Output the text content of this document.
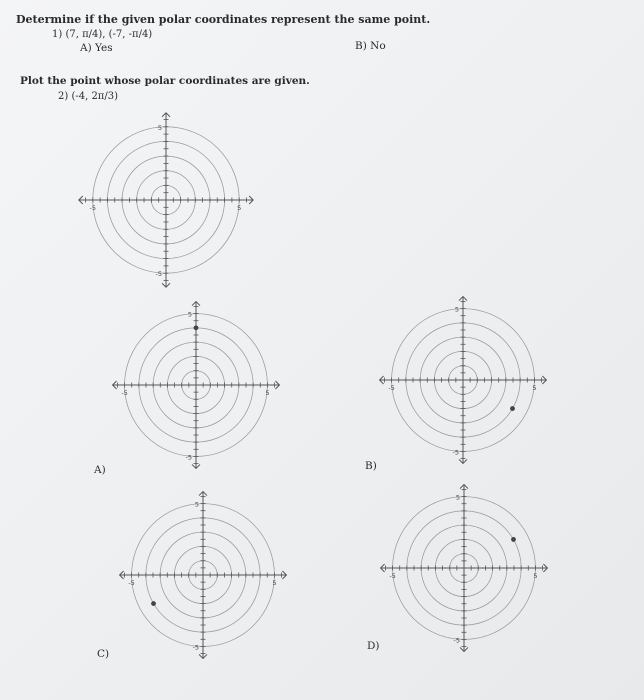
Determine if the given polar coordinates represent the same point.
1) (7, π/4), (-7, -π/4)
A) Yes	B) No
Plot the point whose polar coordinates are given.
2) (-4, 2π/3)
-5	5
5
-5
-5	5
5
-5
-5	5
5
-5
-5	5
5
-5
-5	5
5
-5
A)	B)
C)
D)
